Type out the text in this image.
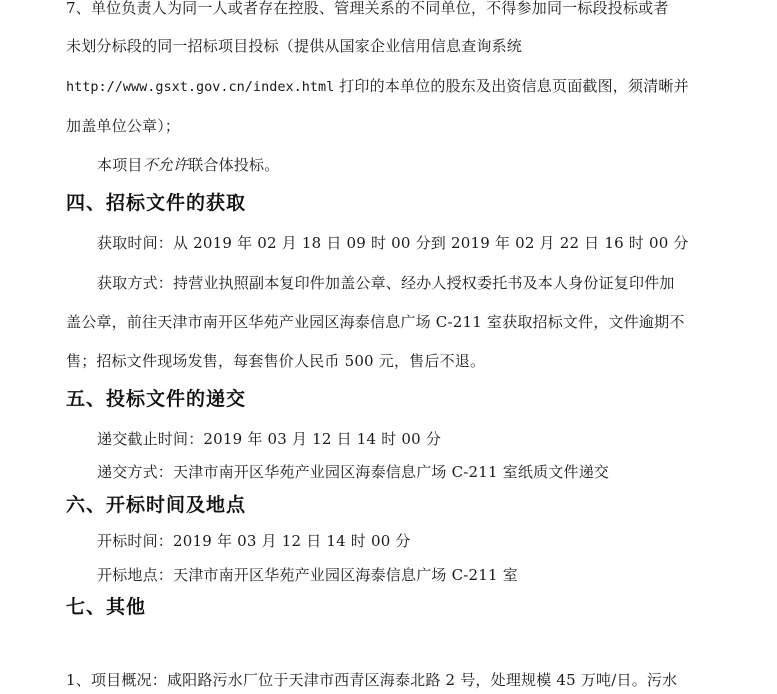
7、单位负责人为同一人或者存在控股、管理关系的不同单位，不得参加同一标段投标或者
未划分标段的同一招标项目投标（提供从国家企业信用信息查询系统
http://www.gsxt.gov.cn/index.html 打印的本单位的股东及出资信息页面截图，须清晰并
加盖单位公章）；
本项目不允许联合体投标。
四、招标文件的获取
获取时间：从 2019 年 02 月 18 日 09 时 00 分到 2019 年 02 月 22 日 16 时 00 分
获取方式：持营业执照副本复印件加盖公章、经办人授权委托书及本人身份证复印件加
盖公章，前往天津市南开区华苑产业园区海泰信息广场 C-211 室获取招标文件，文件逾期不
售；招标文件现场发售，每套售价人民币 500 元，售后不退。
五、投标文件的递交
递交截止时间：2019 年 03 月 12 日 14 时 00 分
递交方式：天津市南开区华苑产业园区海泰信息广场 C-211 室纸质文件递交
六、开标时间及地点
开标时间：2019 年 03 月 12 日 14 时 00 分
开标地点：天津市南开区华苑产业园区海泰信息广场 C-211 室
七、其他
1、项目概况：咸阳路污水厂位于天津市西青区海泰北路 2 号，处理规模 45 万吨/日。污水
